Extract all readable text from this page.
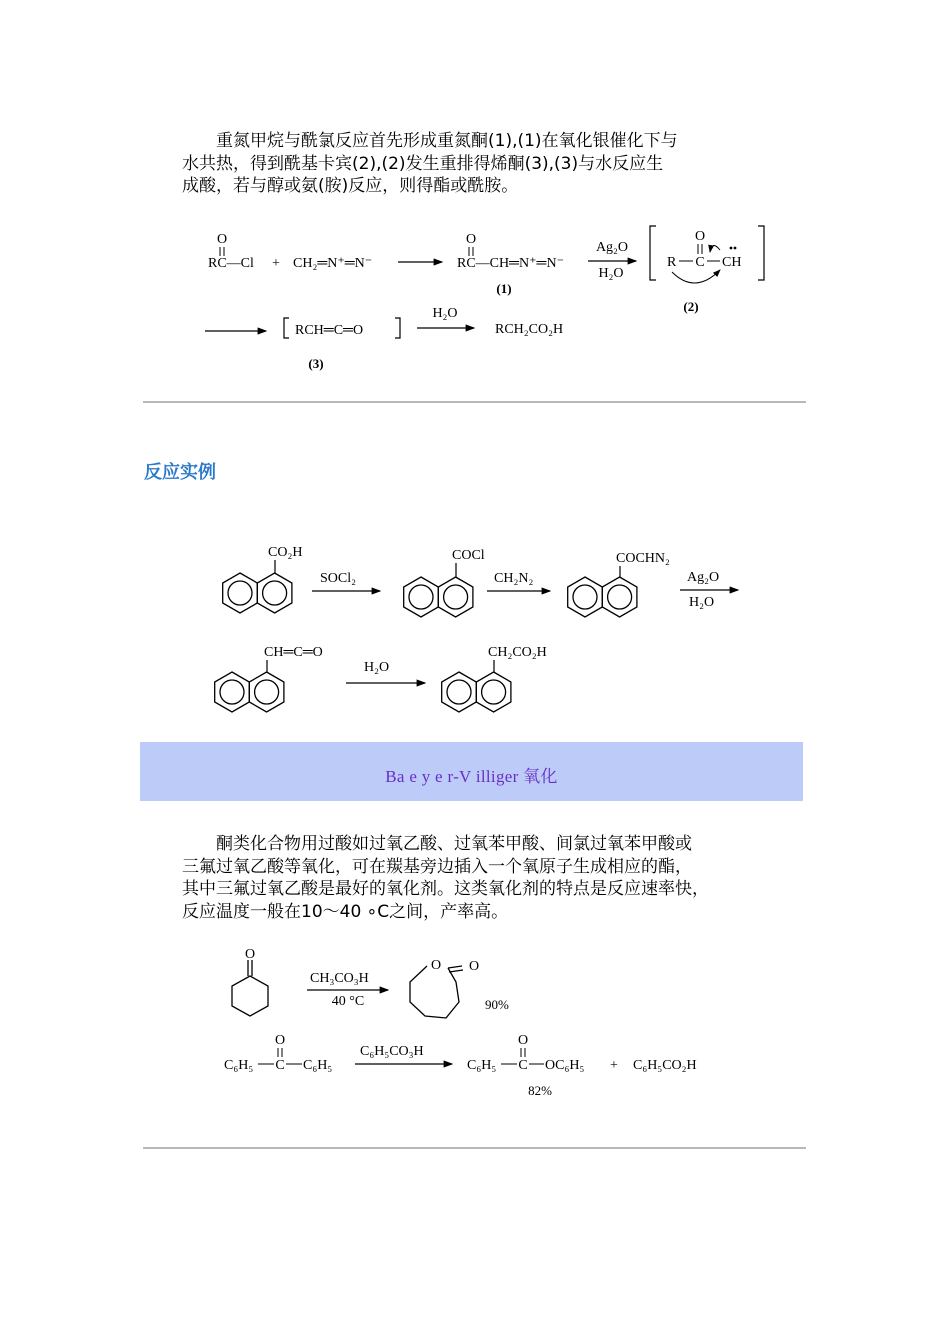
　　重氮甲烷与酰氯反应首先形成重氮酮(1),(1)在氧化银催化下与
水共热，得到酰基卡宾(2),(2)发生重排得烯酮(3),(3)与水反应生
成酸，若与醇或氨(胺)反应，则得酯或酰胺。
O
RC—Cl + CH₂═N⁺═N⁻
O
RC—CH═N⁺═N⁻
(1)
Ag₂O
H₂O
O
R C CH
(2)
RCH═C═O
(3)
H₂O
RCH₂CO₂H
CO₂H
SOCl₂
COCl
CH₂N₂
COCHN₂
Ag₂O
H₂O
CH═C═O
H₂O
CH₂CO₂H
O
CH₃CO₃H
40 °C
O O
90%
O
C₆H₅ C C₆H₅
C₆H₅CO₃H
O
C₆H₅ C OC₆H₅ + C₆H₅CO₂H
82%
反应实例
Ba e y e r-V illiger 氧化
　　酮类化合物用过酸如过氧乙酸、过氧苯甲酸、间氯过氧苯甲酸或
三氟过氧乙酸等氧化，可在羰基旁边插入一个氧原子生成相应的酯，
其中三氟过氧乙酸是最好的氧化剂。这类氧化剂的特点是反应速率快，
反应温度一般在10～40 ∘C之间，产率高。
